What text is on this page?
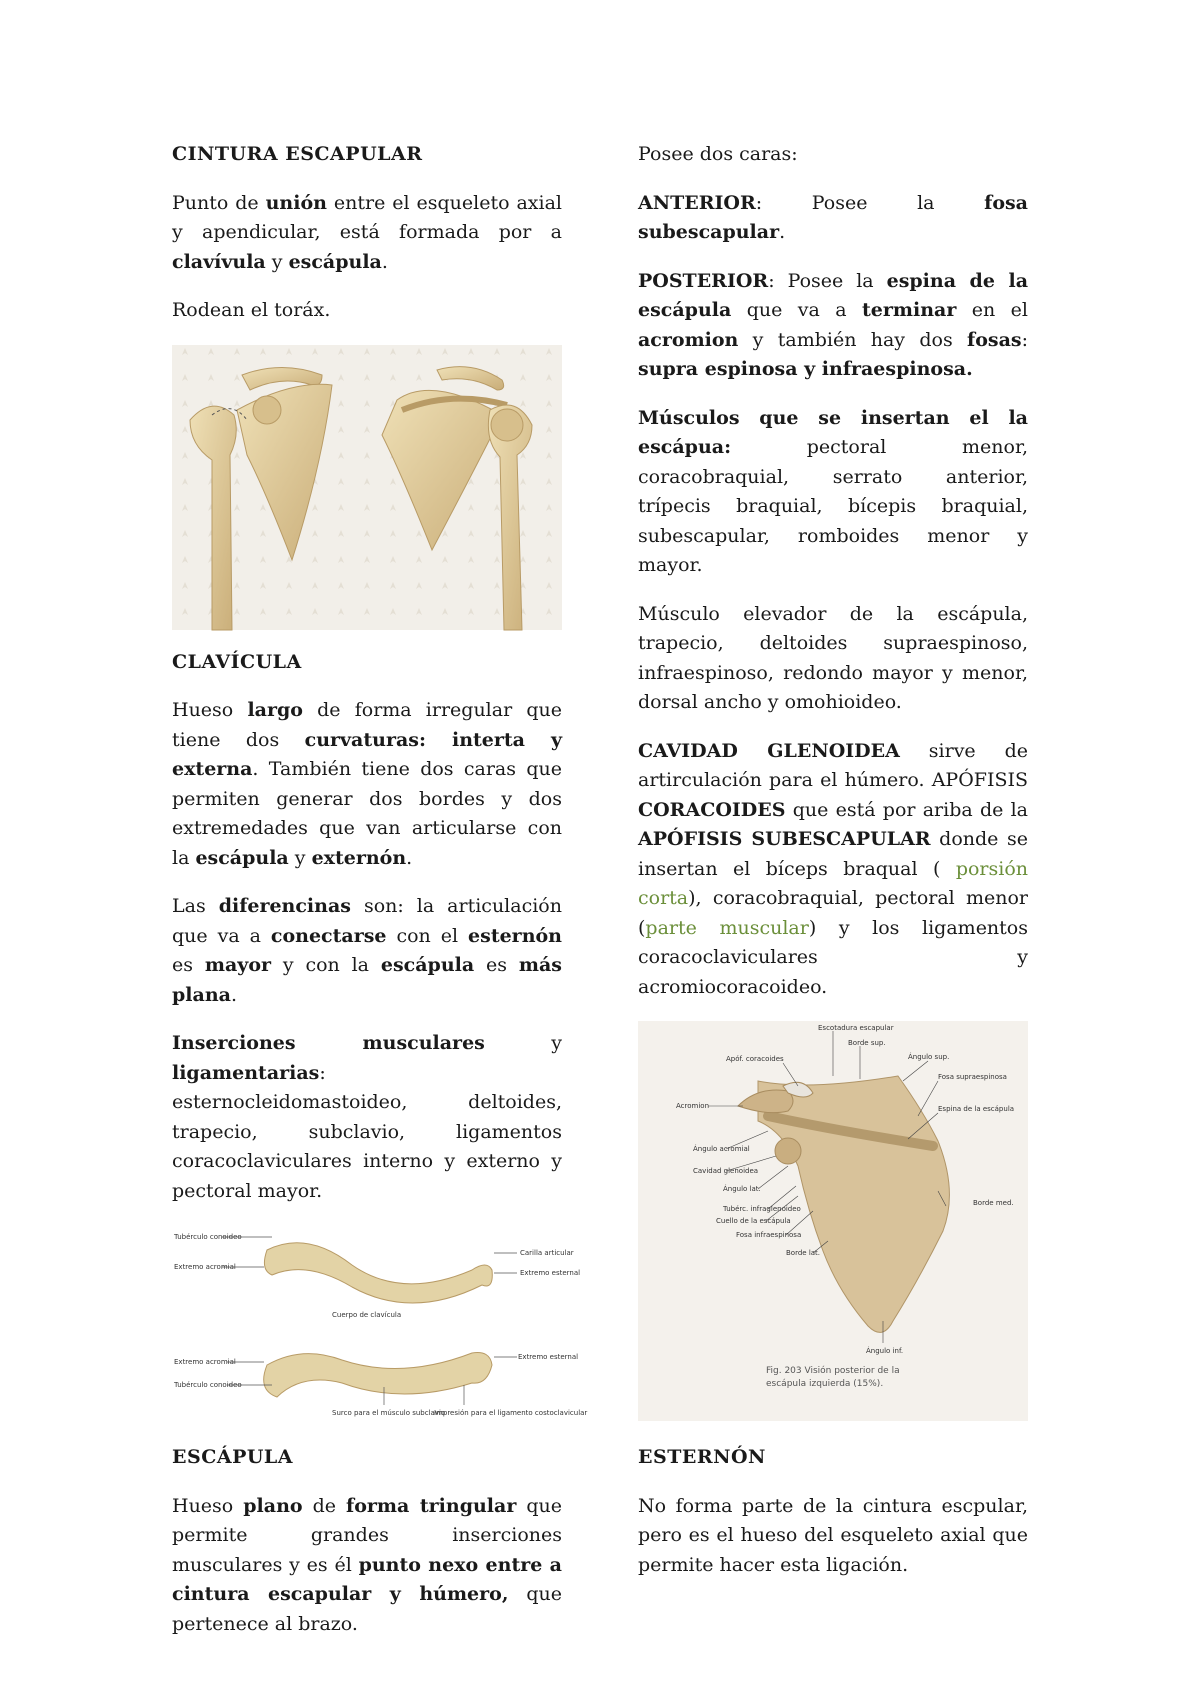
CINTURA ESCAPULAR

Punto de unión entre el esqueleto axial y apendicular, está formada por a clavívula y escápula.

Rodean el toráx.

CLAVÍCULA

Hueso largo de forma irregular que tiene dos curvaturas: interta y externa. También tiene dos caras que permiten generar dos bordes y dos extremedades que van articularse con la escápula y externón.

Las diferencinas son: la articulación que va a conectarse con el esternón es mayor y con la escápula es más plana.

Inserciones musculares y ligamentarias: esternocleidomastoideo, deltoides, trapecio, subclavio, ligamentos coracoclaviculares interno y externo y pectoral mayor.

Tubérculo conoideo
Extremo acromial
Carilla articular
Extremo esternal
Cuerpo de clavícula
Extremo acromial
Tubérculo conoideo
Extremo esternal
Surco para el músculo subclavio
Impresión para el ligamento costoclavicular
ESCÁPULA

Hueso plano de forma tringular que permite grandes inserciones musculares y es él punto nexo entre a cintura escapular y húmero, que pertenece al brazo.

Posee dos caras:

ANTERIOR: Posee la fosa subescapular.

POSTERIOR: Posee la espina de la escápula que va a terminar en el acromion y también hay dos fosas: supra espinosa y infraespinosa.

Músculos que se insertan el la escápua: pectoral menor, coracobraquial, serrato anterior, trípecis braquial, bícepis braquial, subescapular, romboides menor y mayor.

Músculo elevador de la escápula, trapecio, deltoides supraespinoso, infraespinoso, redondo mayor y menor, dorsal ancho y omohioideo.

CAVIDAD GLENOIDEA sirve de artirculación para el húmero. APÓFISIS CORACOIDES que está por ariba de la APÓFISIS SUBESCAPULAR donde se insertan el bíceps braqual ( porsión corta), coracobraquial, pectoral menor (parte muscular) y los ligamentos coracoclaviculares y acromiocoracoideo.

Escotadura escapular
Borde sup.
Ángulo sup.
Apóf. coracoides
Fosa supraespinosa
Acromion	Espina de la escápula
Ángulo acromial
Cavidad glenoidea
Ángulo lat.
Tubérc. infraglenoideo
Cuello de la escápula
Fosa infraespinosa
Borde med.
Borde lat.
Ángulo inf.
Fig. 203 Visión posterior de la
escápula izquierda (15%).
ESTERNÓN

No forma parte de la cintura escpular, pero es el hueso del esqueleto axial que permite hacer esta ligación.
